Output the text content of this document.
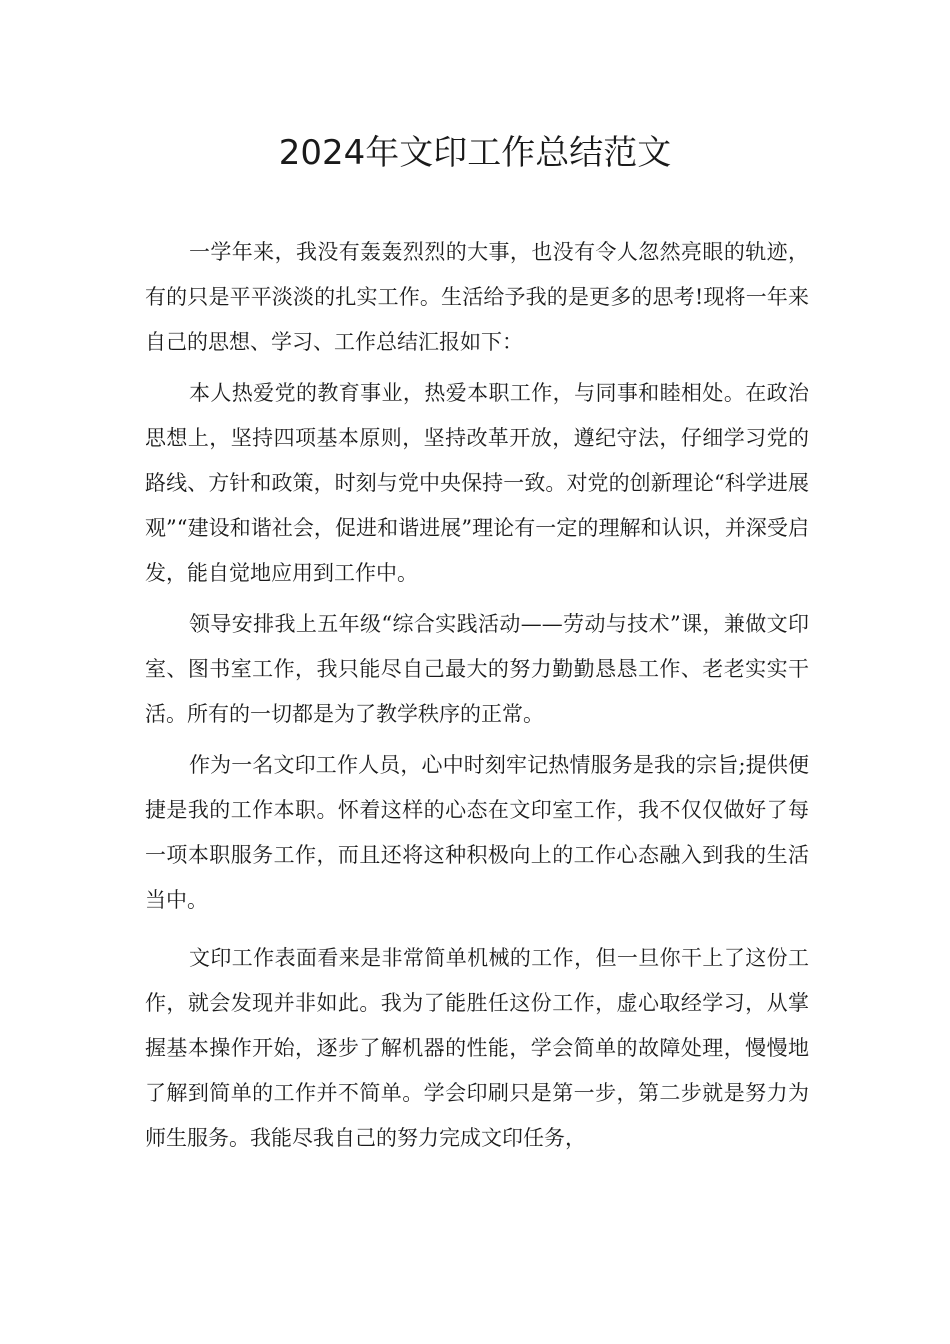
2024年文印工作总结范文

一学年来，我没有轰轰烈烈的大事，也没有令人忽然亮眼的轨迹，有的只是平平淡淡的扎实工作。生活给予我的是更多的思考!现将一年来自己的思想、学习、工作总结汇报如下：

本人热爱党的教育事业，热爱本职工作，与同事和睦相处。在政治思想上，坚持四项基本原则，坚持改革开放，遵纪守法，仔细学习党的路线、方针和政策，时刻与党中央保持一致。对党的创新理论“科学进展观”“建设和谐社会，促进和谐进展”理论有一定的理解和认识，并深受启发，能自觉地应用到工作中。

领导安排我上五年级“综合实践活动——劳动与技术”课，兼做文印室、图书室工作，我只能尽自己最大的努力勤勤恳恳工作、老老实实干活。所有的一切都是为了教学秩序的正常。

作为一名文印工作人员，心中时刻牢记热情服务是我的宗旨;提供便捷是我的工作本职。怀着这样的心态在文印室工作，我不仅仅做好了每一项本职服务工作，而且还将这种积极向上的工作心态融入到我的生活当中。

文印工作表面看来是非常简单机械的工作，但一旦你干上了这份工作，就会发现并非如此。我为了能胜任这份工作，虚心取经学习，从掌握基本操作开始，逐步了解机器的性能，学会简单的故障处理，慢慢地了解到简单的工作并不简单。学会印刷只是第一步，第二步就是努力为师生服务。我能尽我自己的努力完成文印任务，
